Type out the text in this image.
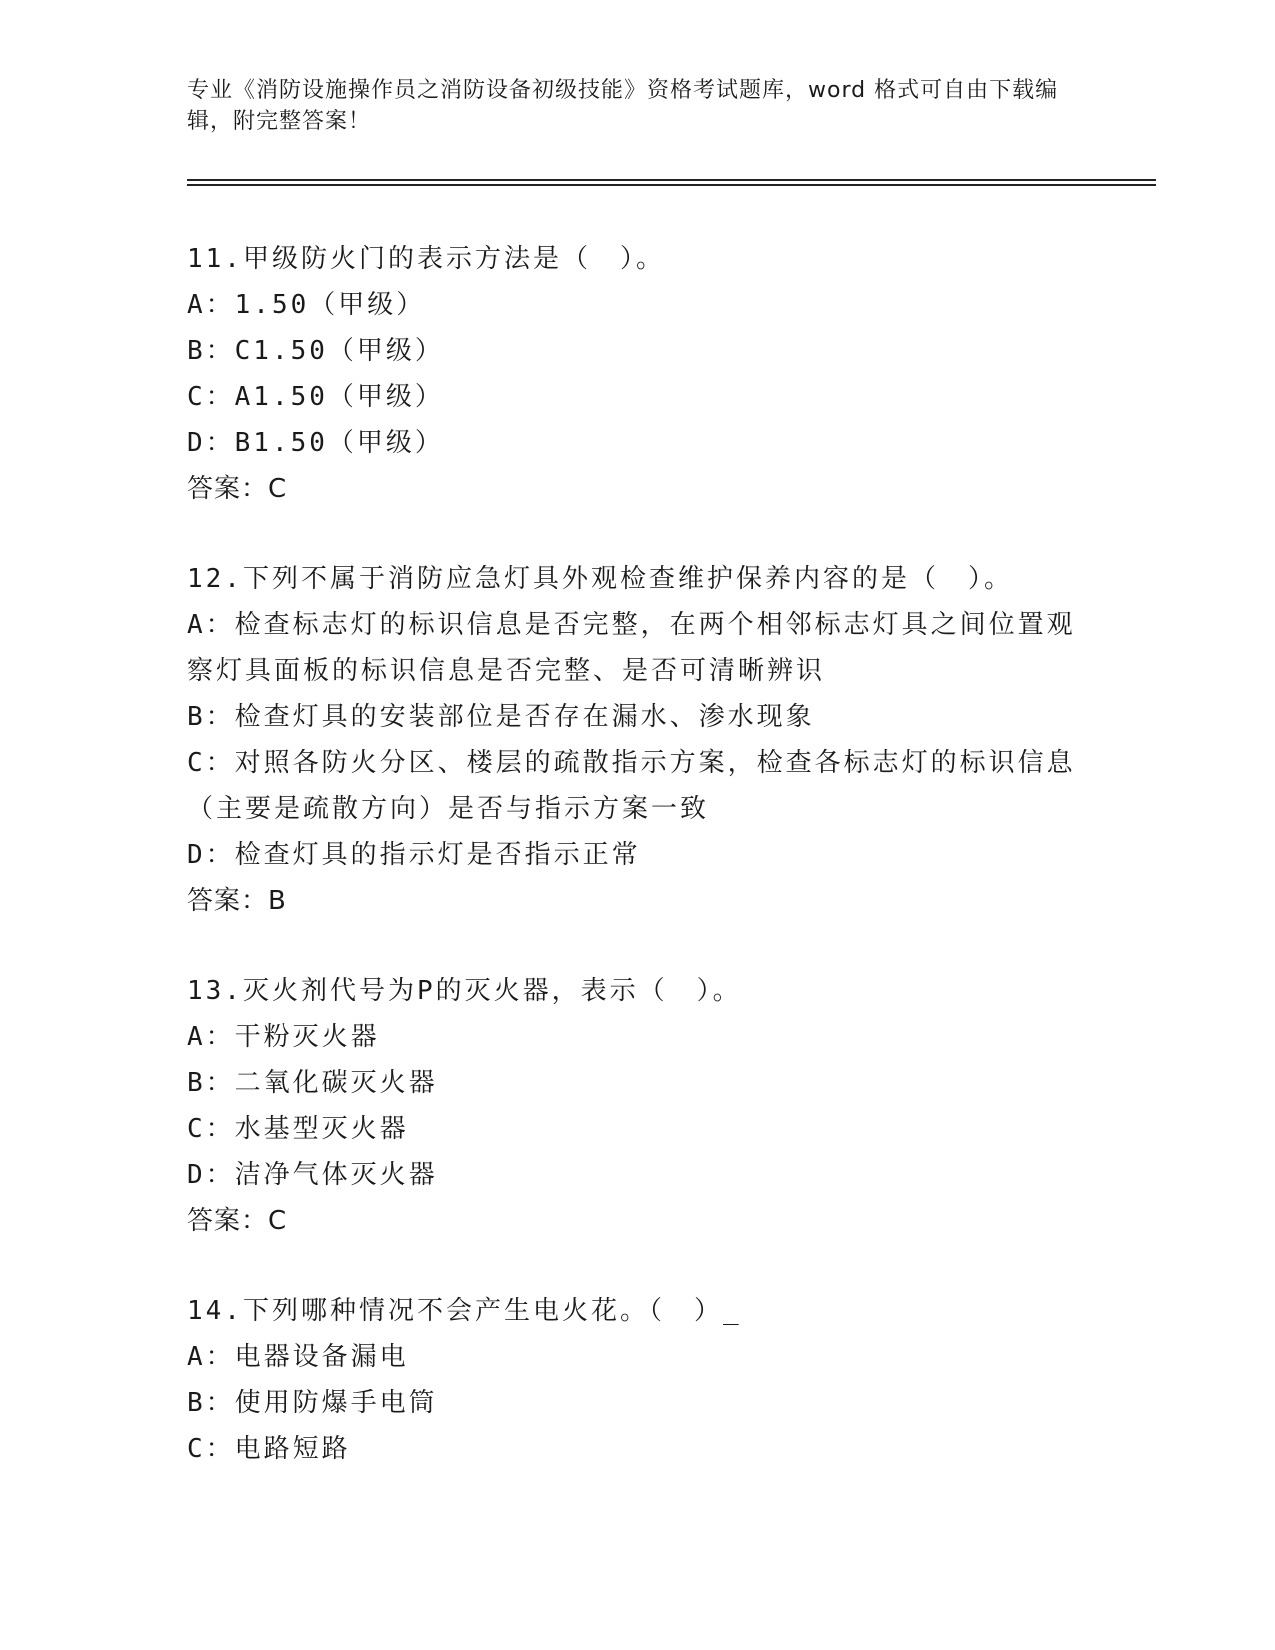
专业《消防设施操作员之消防设备初级技能》资格考试题库，word 格式可自由下载编辑，附完整答案！
11.甲级防火门的表示方法是（　）。
A：1.50（甲级）
B：C1.50（甲级）
C：A1.50（甲级）
D：B1.50（甲级）
答案：C
12.下列不属于消防应急灯具外观检查维护保养内容的是（　）。
A：检查标志灯的标识信息是否完整，在两个相邻标志灯具之间位置观察灯具面板的标识信息是否完整、是否可清晰辨识
B：检查灯具的安装部位是否存在漏水、渗水现象
C：对照各防火分区、楼层的疏散指示方案，检查各标志灯的标识信息（主要是疏散方向）是否与指示方案一致
D：检查灯具的指示灯是否指示正常
答案：B
13.灭火剂代号为P的灭火器，表示（　）。
A：干粉灭火器
B：二氧化碳灭火器
C：水基型灭火器
D：洁净气体灭火器
答案：C
14.下列哪种情况不会产生电火花。（　）_
A：电器设备漏电
B：使用防爆手电筒
C：电路短路
